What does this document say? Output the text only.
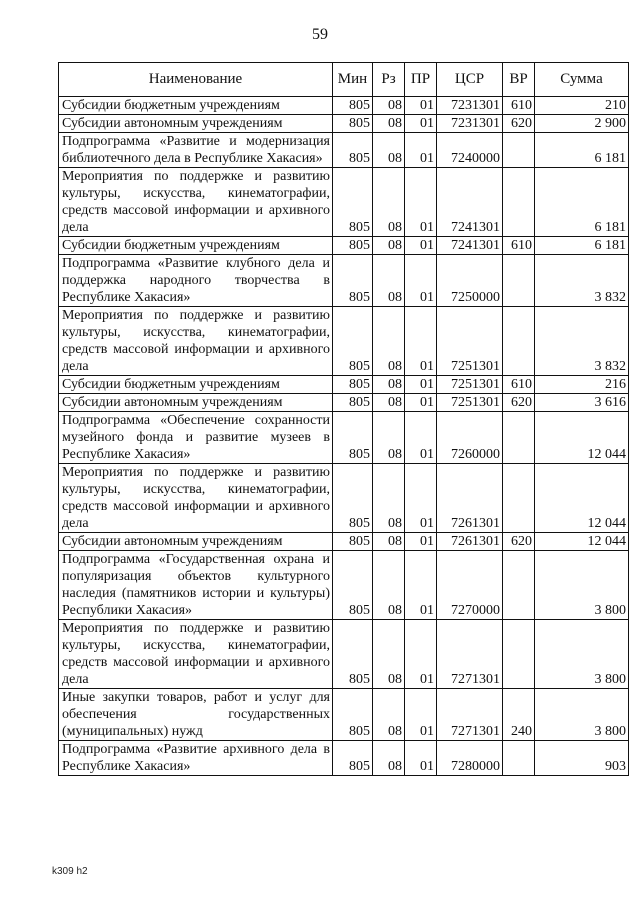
59
Наименование	Мин	Рз	ПР	ЦСР	ВР	Сумма
Субсидии бюджетным учреждениям	805	08	01	7231301	610	210
Субсидии автономным учреждениям	805	08	01	7231301	620	2 900
Подпрограмма «Развитие и модернизация библиотечного дела в Республике Хакасия»	805	08	01	7240000		6 181
Мероприятия по поддержке и развитию культуры, искусства, кинематографии, средств массовой информации и архивного дела	805	08	01	7241301		6 181
Субсидии бюджетным учреждениям	805	08	01	7241301	610	6 181
Подпрограмма «Развитие клубного дела и поддержка народного творчества в Республике Хакасия»	805	08	01	7250000		3 832
Мероприятия по поддержке и развитию культуры, искусства, кинематографии, средств массовой информации и архивного дела	805	08	01	7251301		3 832
Субсидии бюджетным учреждениям	805	08	01	7251301	610	216
Субсидии автономным учреждениям	805	08	01	7251301	620	3 616
Подпрограмма «Обеспечение сохранности музейного фонда и развитие музеев в Республике Хакасия»	805	08	01	7260000		12 044
Мероприятия по поддержке и развитию культуры, искусства, кинематографии, средств массовой информации и архивного дела	805	08	01	7261301		12 044
Субсидии автономным учреждениям	805	08	01	7261301	620	12 044
Подпрограмма «Государственная охрана и популяризация объектов культурного наследия (памятников истории и культуры) Республики Хакасия»	805	08	01	7270000		3 800
Мероприятия по поддержке и развитию культуры, искусства, кинематографии, средств массовой информации и архивного дела	805	08	01	7271301		3 800
Иные закупки товаров, работ и услуг для обеспечения государственных (муниципальных) нужд	805	08	01	7271301	240	3 800
Подпрограмма «Развитие архивного дела в Республике Хакасия»	805	08	01	7280000		903
k309 h2
